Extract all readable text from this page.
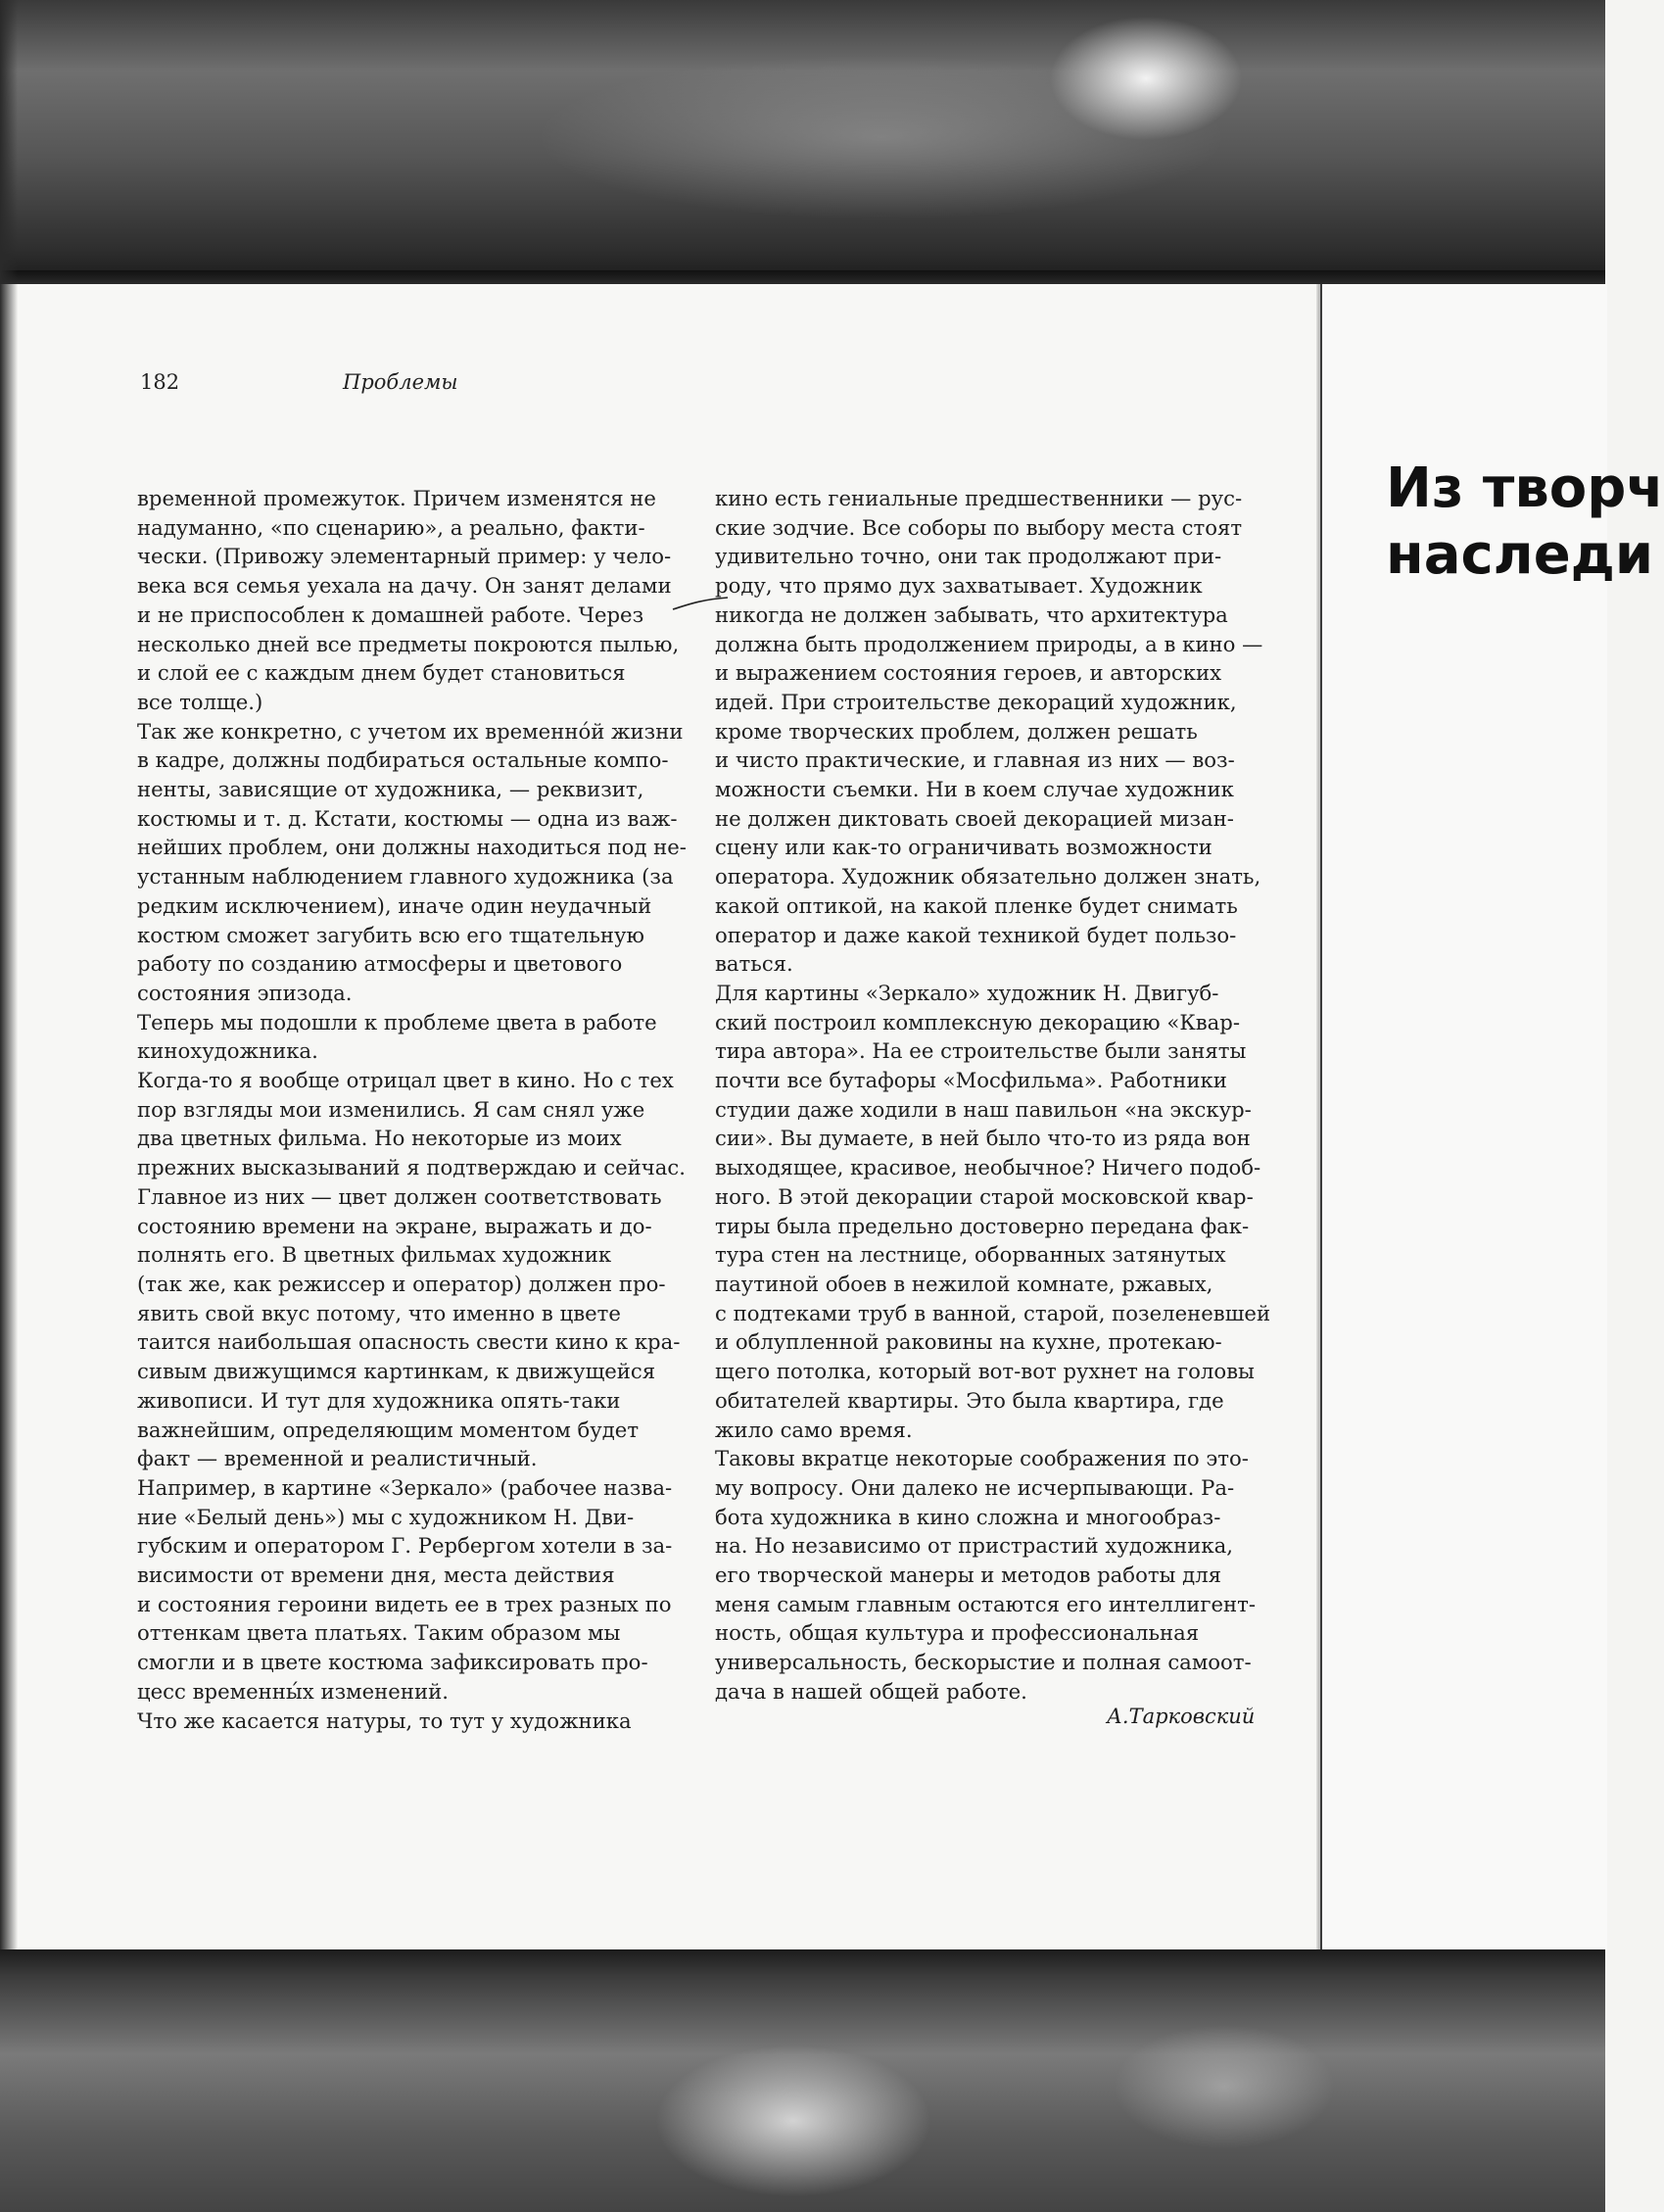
182	Проблемы
временной промежуток. Причем изменятся не
надуманно, «по сценарию», а реально, факти-
чески. (Привожу элементарный пример: у чело-
века вся семья уехала на дачу. Он занят делами
и не приспособлен к домашней работе. Через
несколько дней все предметы покроются пылью,
и слой ее с каждым днем будет становиться
все толще.)
Так же конкретно, с учетом их временно́й жизни
в кадре, должны подбираться остальные компо-
ненты, зависящие от художника, — реквизит,
костюмы и т. д. Кстати, костюмы — одна из важ-
нейших проблем, они должны находиться под не-
устанным наблюдением главного художника (за
редким исключением), иначе один неудачный
костюм сможет загубить всю его тщательную
работу по созданию атмосферы и цветового
состояния эпизода.
Теперь мы подошли к проблеме цвета в работе
кинохудожника.
Когда-то я вообще отрицал цвет в кино. Но с тех
пор взгляды мои изменились. Я сам снял уже
два цветных фильма. Но некоторые из моих
прежних высказываний я подтверждаю и сейчас.
Главное из них — цвет должен соответствовать
состоянию времени на экране, выражать и до-
полнять его. В цветных фильмах художник
(так же, как режиссер и оператор) должен про-
явить свой вкус потому, что именно в цвете
таится наибольшая опасность свести кино к кра-
сивым движущимся картинкам, к движущейся
живописи. И тут для художника опять-таки
важнейшим, определяющим моментом будет
факт — временной и реалистичный.
Например, в картине «Зеркало» (рабочее назва-
ние «Белый день») мы с художником Н. Дви-
губским и оператором Г. Рербергом хотели в за-
висимости от времени дня, места действия
и состояния героини видеть ее в трех разных по
оттенкам цвета платьях. Таким образом мы
смогли и в цвете костюма зафиксировать про-
цесс временны́х изменений.
Что же касается натуры, то тут у художника
кино есть гениальные предшественники — рус-
ские зодчие. Все соборы по выбору места стоят
удивительно точно, они так продолжают при-
роду, что прямо дух захватывает. Художник
никогда не должен забывать, что архитектура
должна быть продолжением природы, а в кино —
и выражением состояния героев, и авторских
идей. При строительстве декораций художник,
кроме творческих проблем, должен решать
и чисто практические, и главная из них — воз-
можности съемки. Ни в коем случае художник
не должен диктовать своей декорацией мизан-
сцену или как-то ограничивать возможности
оператора. Художник обязательно должен знать,
какой оптикой, на какой пленке будет снимать
оператор и даже какой техникой будет пользо-
ваться.
Для картины «Зеркало» художник Н. Двигуб-
ский построил комплексную декорацию «Квар-
тира автора». На ее строительстве были заняты
почти все бутафоры «Мосфильма». Работники
студии даже ходили в наш павильон «на экскур-
сии». Вы думаете, в ней было что-то из ряда вон
выходящее, красивое, необычное? Ничего подоб-
ного. В этой декорации старой московской квар-
тиры была предельно достоверно передана фак-
тура стен на лестнице, оборванных затянутых
паутиной обоев в нежилой комнате, ржавых,
с подтеками труб в ванной, старой, позеленевшей
и облупленной раковины на кухне, протекаю-
щего потолка, который вот-вот рухнет на головы
обитателей квартиры. Это была квартира, где
жило само время.
Таковы вкратце некоторые соображения по это-
му вопросу. Они далеко не исчерпывающи. Ра-
бота художника в кино сложна и многообраз-
на. Но независимо от пристрастий художника,
его творческой манеры и методов работы для
меня самым главным остаются его интеллигент-
ность, общая культура и профессиональная
универсальность, бескорыстие и полная самоот-
дача в нашей общей работе.
А.Тарковский
Из творч
наследи
